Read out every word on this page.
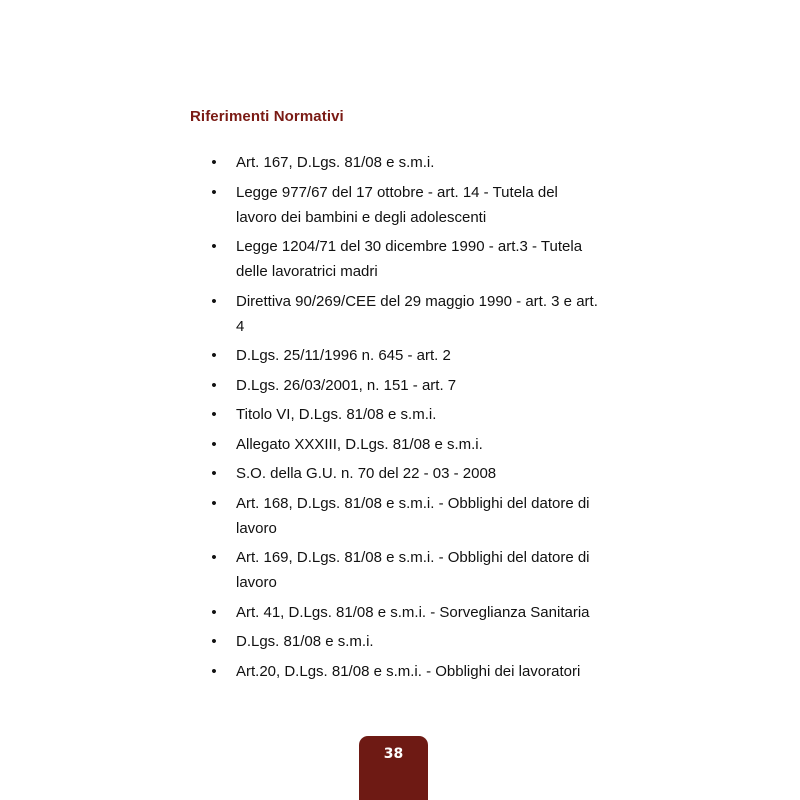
Riferimenti Normativi
• Art. 167, D.Lgs. 81/08 e s.m.i.
• Legge 977/67 del 17 ottobre - art. 14 - Tutela del lavoro dei bambini e degli adolescenti
• Legge 1204/71 del 30 dicembre 1990 - art.3 - Tutela delle lavoratrici madri
• Direttiva 90/269/CEE del 29 maggio 1990 - art. 3 e art. 4
• D.Lgs. 25/11/1996 n. 645 - art. 2
• D.Lgs. 26/03/2001, n. 151 - art. 7
• Titolo VI, D.Lgs. 81/08 e s.m.i.
• Allegato XXXIII, D.Lgs. 81/08 e s.m.i.
• S.O. della G.U. n. 70 del 22 - 03 - 2008
• Art. 168, D.Lgs. 81/08 e s.m.i. - Obblighi del datore di lavoro
• Art. 169, D.Lgs. 81/08 e s.m.i. - Obblighi del datore di lavoro
• Art. 41, D.Lgs. 81/08 e s.m.i. - Sorveglianza Sanitaria
• D.Lgs. 81/08 e s.m.i.
• Art.20, D.Lgs. 81/08 e s.m.i. - Obblighi dei lavoratori
38
